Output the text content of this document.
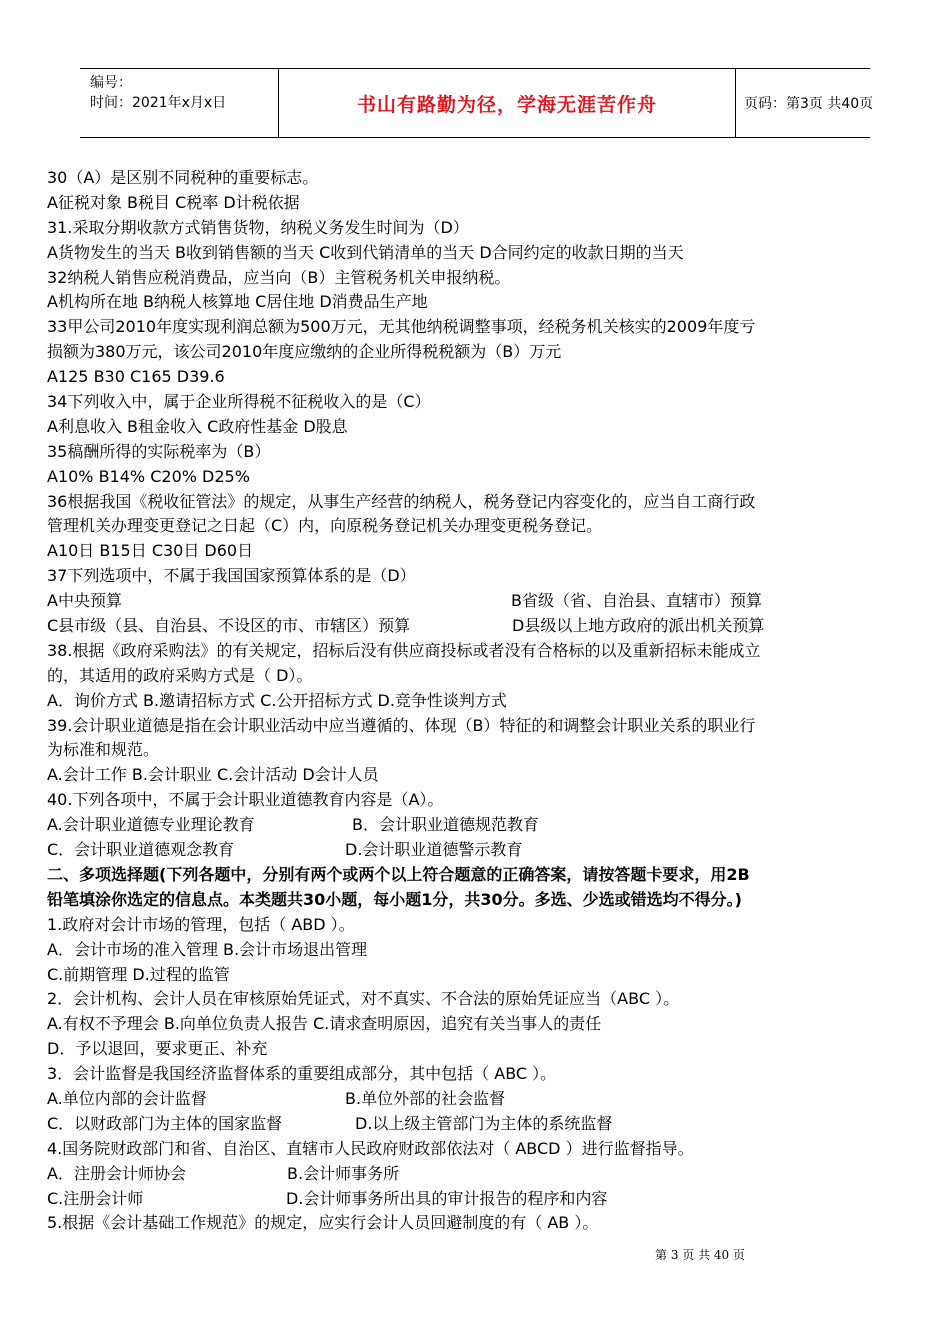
编号：
时间：2021年x月x日	书山有路勤为径，学海无涯苦作舟	页码：第3页 共40页
30（A）是区别不同税种的重要标志。
A征税对象 B税目 C税率 D计税依据
31.采取分期收款方式销售货物，纳税义务发生时间为（D）
A货物发生的当天 B收到销售额的当天 C收到代销清单的当天 D合同约定的收款日期的当天
32纳税人销售应税消费品，应当向（B）主管税务机关申报纳税。
A机构所在地 B纳税人核算地 C居住地 D消费品生产地
33甲公司2010年度实现利润总额为500万元，无其他纳税调整事项，经税务机关核实的2009年度亏
损额为380万元，该公司2010年度应缴纳的企业所得税税额为（B）万元
A125 B30 C165 D39.6
34下列收入中，属于企业所得税不征税收入的是（C）
A利息收入 B租金收入 C政府性基金 D股息
35稿酬所得的实际税率为（B）
A10% B14% C20% D25%
36根据我国《税收征管法》的规定，从事生产经营的纳税人，税务登记内容变化的，应当自工商行政
管理机关办理变更登记之日起（C）内，向原税务登记机关办理变更税务登记。
A10日 B15日 C30日 D60日
37下列选项中，不属于我国国家预算体系的是（D）
A中央预算	B省级（省、自治县、直辖市）预算
C县市级（县、自治县、不设区的市、市辖区）预算	D县级以上地方政府的派出机关预算
38.根据《政府采购法》的有关规定，招标后没有供应商投标或者没有合格标的以及重新招标未能成立
的，其适用的政府采购方式是（ D）。
A．询价方式 B.邀请招标方式 C.公开招标方式 D.竞争性谈判方式
39.会计职业道德是指在会计职业活动中应当遵循的、体现（B）特征的和调整会计职业关系的职业行
为标准和规范。
A.会计工作 B.会计职业 C.会计活动 D会计人员
40.下列各项中，不属于会计职业道德教育内容是（A）。
A.会计职业道德专业理论教育	B．会计职业道德规范教育
C．会计职业道德观念教育	D.会计职业道德警示教育
二、多项选择题(下列各题中，分别有两个或两个以上符合题意的正确答案，请按答题卡要求，用2B
铅笔填涂你选定的信息点。本类题共30小题，每小题1分，共30分。多选、少选或错选均不得分。)
1.政府对会计市场的管理，包括（ ABD ）。
A．会计市场的准入管理 B.会计市场退出管理
C.前期管理 D.过程的监管
2．会计机构、会计人员在审核原始凭证式，对不真实、不合法的原始凭证应当（ABC ）。
A.有权不予理会 B.向单位负责人报告 C.请求查明原因，追究有关当事人的责任
D．予以退回，要求更正、补充
3．会计监督是我国经济监督体系的重要组成部分，其中包括（ ABC ）。
A.单位内部的会计监督	B.单位外部的社会监督
C．以财政部门为主体的国家监督	D.以上级主管部门为主体的系统监督
4.国务院财政部门和省、自治区、直辖市人民政府财政部依法对（ ABCD ）进行监督指导。
A．注册会计师协会	B.会计师事务所
C.注册会计师	D.会计师事务所出具的审计报告的程序和内容
5.根据《会计基础工作规范》的规定，应实行会计人员回避制度的有（ AB ）。
第 3 页 共 40 页
